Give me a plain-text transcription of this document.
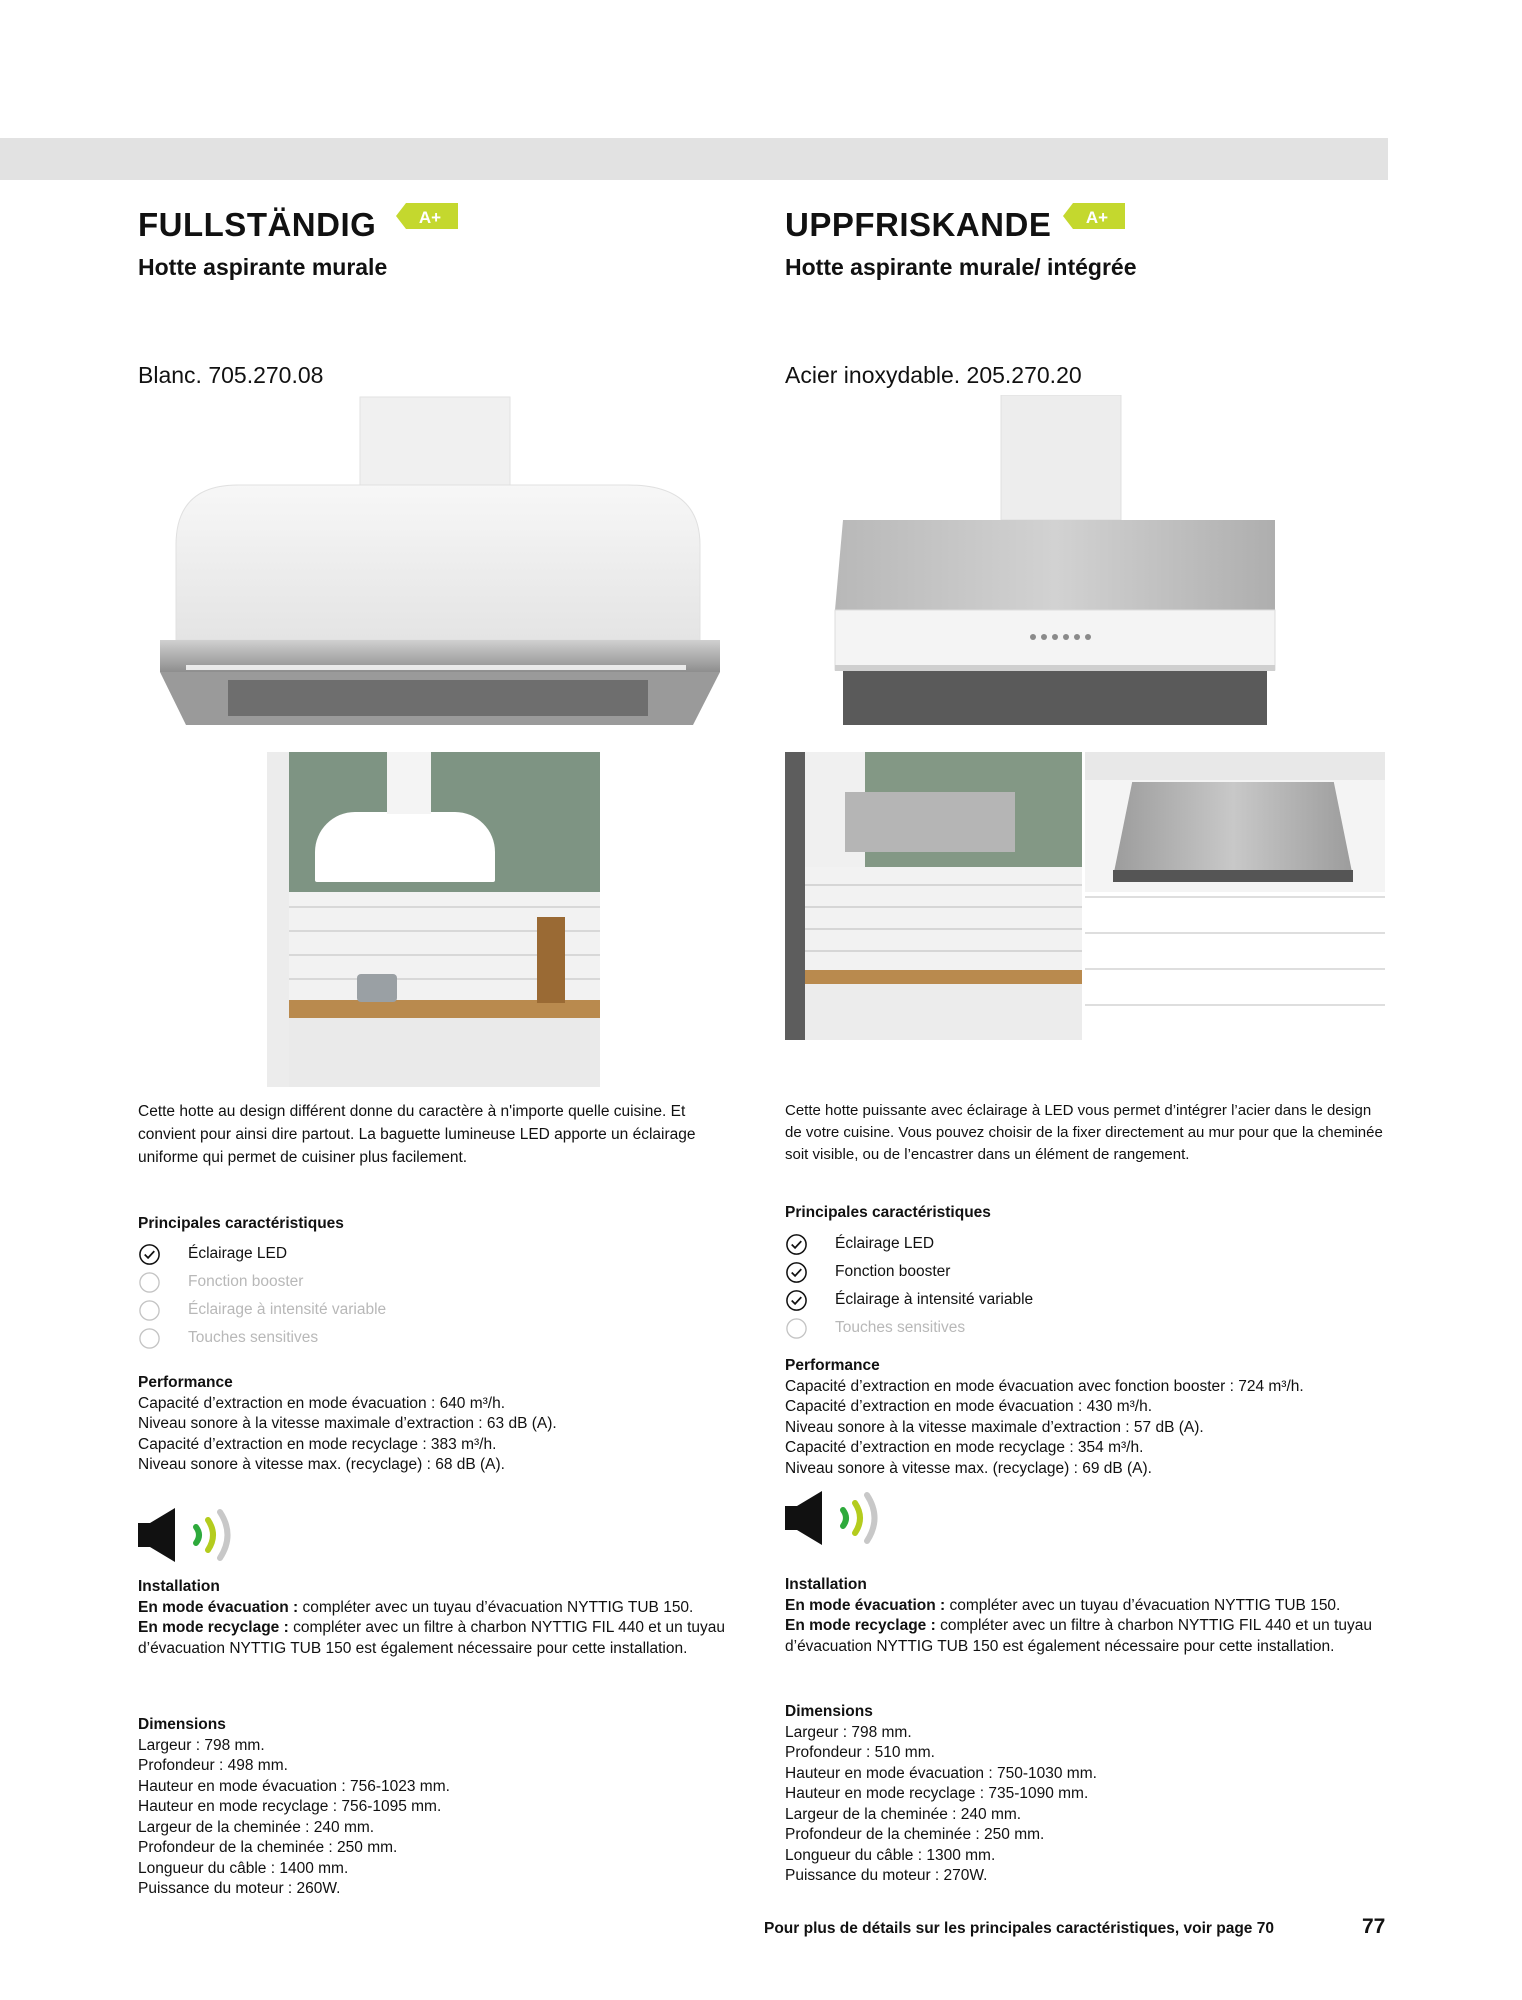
FULLSTÄNDIG	A+
Hotte aspirante murale
Blanc. 705.270.08

Cette hotte au design différent donne du caractère à n'importe quelle cuisine. Et convient pour ainsi dire partout. La baguette lumineuse LED apporte un éclairage uniforme qui permet de cuisiner plus facilement.

Principales caractéristiques
Éclairage LED
Fonction booster
Éclairage à intensité variable
Touches sensitives
Performance
Capacité d’extraction en mode évacuation : 640 m³/h.
Niveau sonore à la vitesse maximale d’extraction : 63 dB (A).
Capacité d’extraction en mode recyclage : 383 m³/h.
Niveau sonore à vitesse max. (recyclage) : 68 dB (A).
Installation
En mode évacuation : compléter avec un tuyau d’évacuation NYTTIG TUB 150.
En mode recyclage : compléter avec un filtre à charbon NYTTIG FIL 440 et un tuyau
d’évacuation NYTTIG TUB 150 est également nécessaire pour cette installation.
Dimensions
Largeur : 798 mm.
Profondeur : 498 mm.
Hauteur en mode évacuation : 756-1023 mm.
Hauteur en mode recyclage : 756-1095 mm.
Largeur de la cheminée : 240 mm.
Profondeur de la cheminée : 250 mm.
Longueur du câble : 1400 mm.
Puissance du moteur : 260W.
UPPFRISKANDE A+
Hotte aspirante murale/ intégrée
Acier inoxydable. 205.270.20

Cette hotte puissante avec éclairage à LED vous permet d’intégrer l’acier dans le design de votre cuisine. Vous pouvez choisir de la fixer directement au mur pour que la cheminée soit visible, ou de l’encastrer dans un élément de rangement.

Principales caractéristiques
Éclairage LED
Fonction booster
Éclairage à intensité variable
Touches sensitives
Performance
Capacité d’extraction en mode évacuation avec fonction booster : 724 m³/h.
Capacité d’extraction en mode évacuation : 430 m³/h.
Niveau sonore à la vitesse maximale d’extraction : 57 dB (A).
Capacité d’extraction en mode recyclage : 354 m³/h.
Niveau sonore à vitesse max. (recyclage) : 69 dB (A).
Installation
En mode évacuation : compléter avec un tuyau d’évacuation NYTTIG TUB 150.
En mode recyclage : compléter avec un filtre à charbon NYTTIG FIL 440 et un tuyau
d’évacuation NYTTIG TUB 150 est également nécessaire pour cette installation.
Dimensions
Largeur : 798 mm.
Profondeur : 510 mm.
Hauteur en mode évacuation : 750-1030 mm.
Hauteur en mode recyclage : 735-1090 mm.
Largeur de la cheminée : 240 mm.
Profondeur de la cheminée : 250 mm.
Longueur du câble : 1300 mm.
Puissance du moteur : 270W.
Pour plus de détails sur les principales caractéristiques, voir page 70	77
